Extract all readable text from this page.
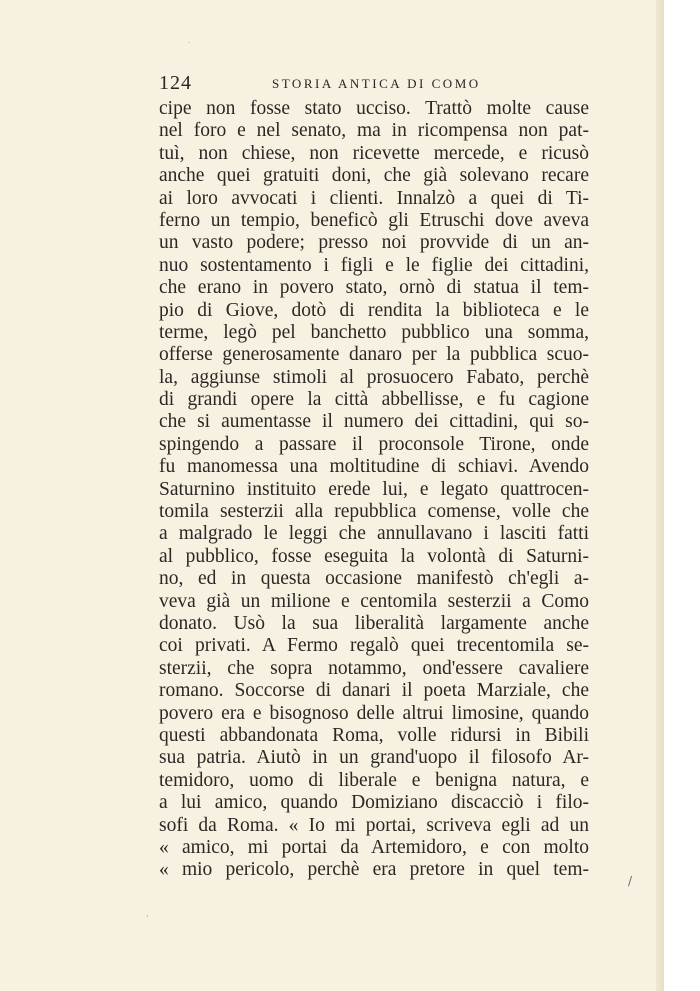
124	STORIA ANTICA DI COMO
cipe non fosse stato ucciso. Trattò molte cause
nel foro e nel senato, ma in ricompensa non pat-
tuì, non chiese, non ricevette mercede, e ricusò
anche quei gratuiti doni, che già solevano recare
ai loro avvocati i clienti. Innalzò a quei di Ti-
ferno un tempio, beneficò gli Etruschi dove aveva
un vasto podere; presso noi provvide di un an-
nuo sostentamento i figli e le figlie dei cittadini,
che erano in povero stato, ornò di statua il tem-
pio di Giove, dotò di rendita la biblioteca e le
terme, legò pel banchetto pubblico una somma,
offerse generosamente danaro per la pubblica scuo-
la, aggiunse stimoli al prosuocero Fabato, perchè
di grandi opere la città abbellisse, e fu cagione
che si aumentasse il numero dei cittadini, qui so-
spingendo a passare il proconsole Tirone, onde
fu manomessa una moltitudine di schiavi. Avendo
Saturnino instituito erede lui, e legato quattrocen-
tomila sesterzii alla repubblica comense, volle che
a malgrado le leggi che annullavano i lasciti fatti
al pubblico, fosse eseguita la volontà di Saturni-
no, ed in questa occasione manifestò ch'egli a-
veva già un milione e centomila sesterzii a Como
donato. Usò la sua liberalità largamente anche
coi privati. A Fermo regalò quei trecentomila se-
sterzii, che sopra notammo, ond'essere cavaliere
romano. Soccorse di danari il poeta Marziale, che
povero era e bisognoso delle altrui limosine, quando
questi abbandonata Roma, volle ridursi in Bibili
sua patria. Aiutò in un grand'uopo il filosofo Ar-
temidoro, uomo di liberale e benigna natura, e
a lui amico, quando Domiziano discacciò i filo-
sofi da Roma. « Io mi portai, scriveva egli ad un
« amico, mi portai da Artemidoro, e con molto
« mio pericolo, perchè era pretore in quel tem-
·
/
·
